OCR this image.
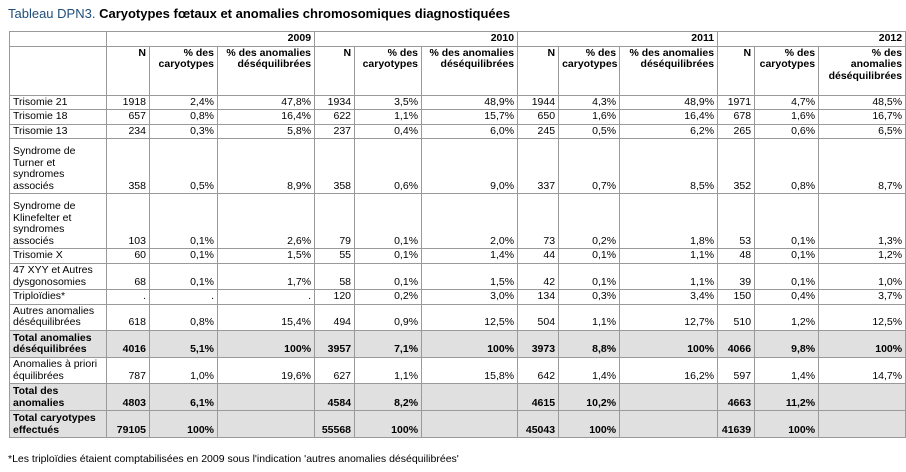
Tableau DPN3. Caryotypes fœtaux et anomalies chromosomiques diagnostiquées
	2009			2010			2011			2012		
	N	% des caryotypes	% des anomalies déséquilibrées	N	% des caryotypes	% des anomalies déséquilibrées	N	% des caryotypes	% des anomalies déséquilibrées	N	% des caryotypes	% des anomalies déséquilibrées
Trisomie 21	1918	2,4%	47,8%	1934	3,5%	48,9%	1944	4,3%	48,9%	1971	4,7%	48,5%
Trisomie 18	657	0,8%	16,4%	622	1,1%	15,7%	650	1,6%	16,4%	678	1,6%	16,7%
Trisomie 13	234	0,3%	5,8%	237	0,4%	6,0%	245	0,5%	6,2%	265	0,6%	6,5%
Syndrome de Turner et syndromes associés	358	0,5%	8,9%	358	0,6%	9,0%	337	0,7%	8,5%	352	0,8%	8,7%
Syndrome de Klinefelter et syndromes associés	103	0,1%	2,6%	79	0,1%	2,0%	73	0,2%	1,8%	53	0,1%	1,3%
Trisomie X	60	0,1%	1,5%	55	0,1%	1,4%	44	0,1%	1,1%	48	0,1%	1,2%
47 XYY et Autres dysgonosomies	68	0,1%	1,7%	58	0,1%	1,5%	42	0,1%	1,1%	39	0,1%	1,0%
Triploïdies*	.	.	.	120	0,2%	3,0%	134	0,3%	3,4%	150	0,4%	3,7%
Autres anomalies déséquilibrées	618	0,8%	15,4%	494	0,9%	12,5%	504	1,1%	12,7%	510	1,2%	12,5%
Total anomalies déséquilibrées	4016	5,1%	100%	3957	7,1%	100%	3973	8,8%	100%	4066	9,8%	100%
Anomalies à priori équilibrées	787	1,0%	19,6%	627	1,1%	15,8%	642	1,4%	16,2%	597	1,4%	14,7%
Total des anomalies	4803	6,1%		4584	8,2%		4615	10,2%		4663	11,2%	
Total caryotypes effectués	79105	100%		55568	100%		45043	100%		41639	100%	
*Les triploïdies étaient comptabilisées en 2009 sous l'indication 'autres anomalies déséquilibrées'
